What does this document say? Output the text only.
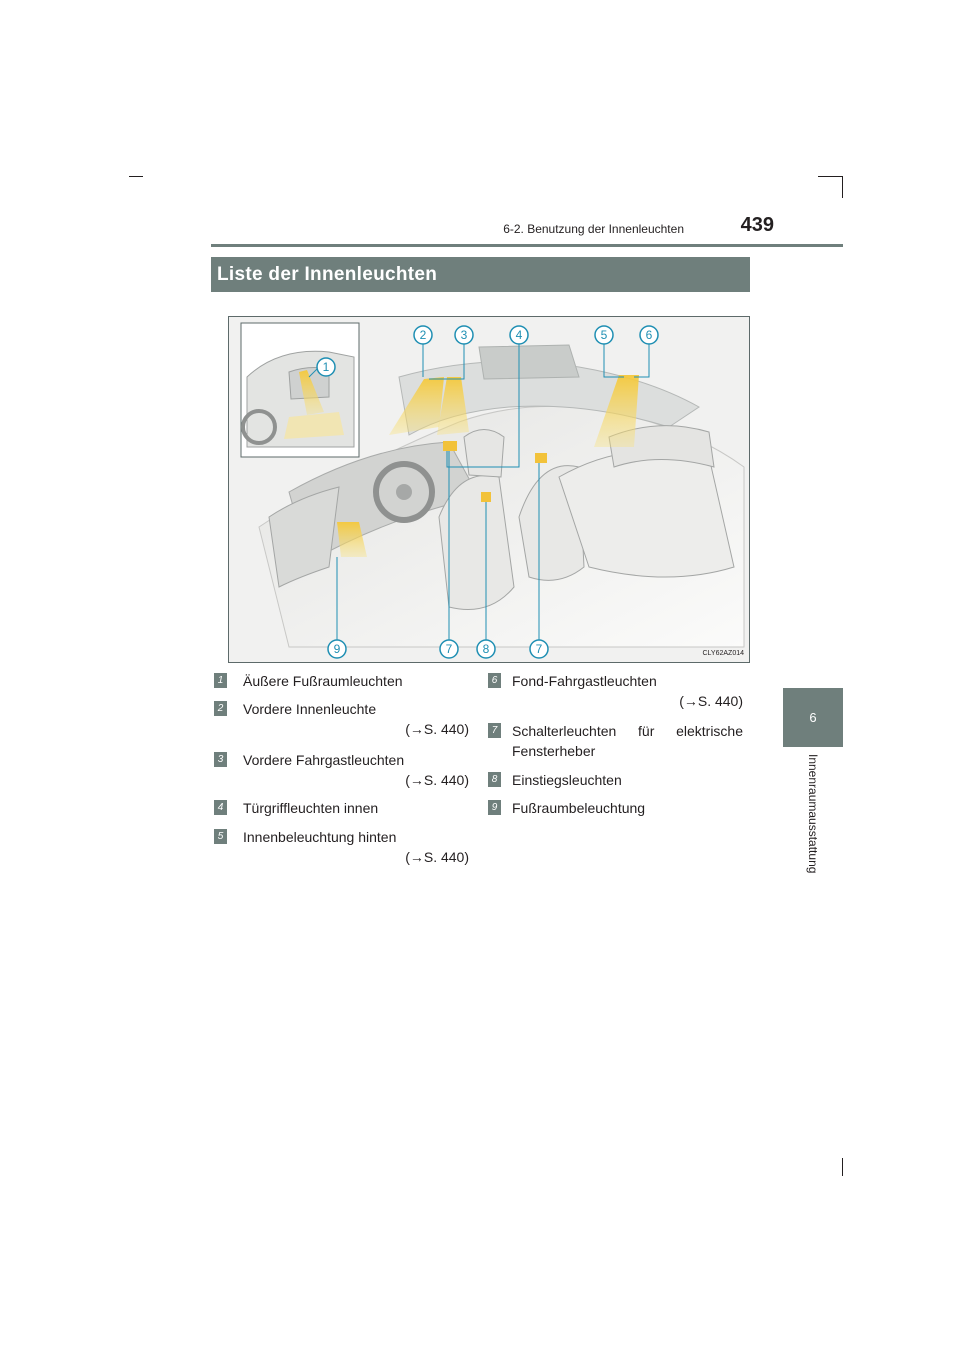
6-2. Benutzung der Innenleuchten	439
6
Innenraumausstattung
Liste der Innenleuchten
2	3	4	5	6
1
9	7	8	7	CLY62AZ014
1 Äußere Fußraumleuchten
2 Vordere Innenleuchte
(→S. 440)
3 Vordere Fahrgastleuchten
(→S. 440)
4 Türgriffleuchten innen
5 Innenbeleuchtung hinten
(→S. 440)
6 Fond-Fahrgastleuchten
(→S. 440)
7 Schalterleuchten für elektrische
Fensterheber
8 Einstiegsleuchten
9 Fußraumbeleuchtung
